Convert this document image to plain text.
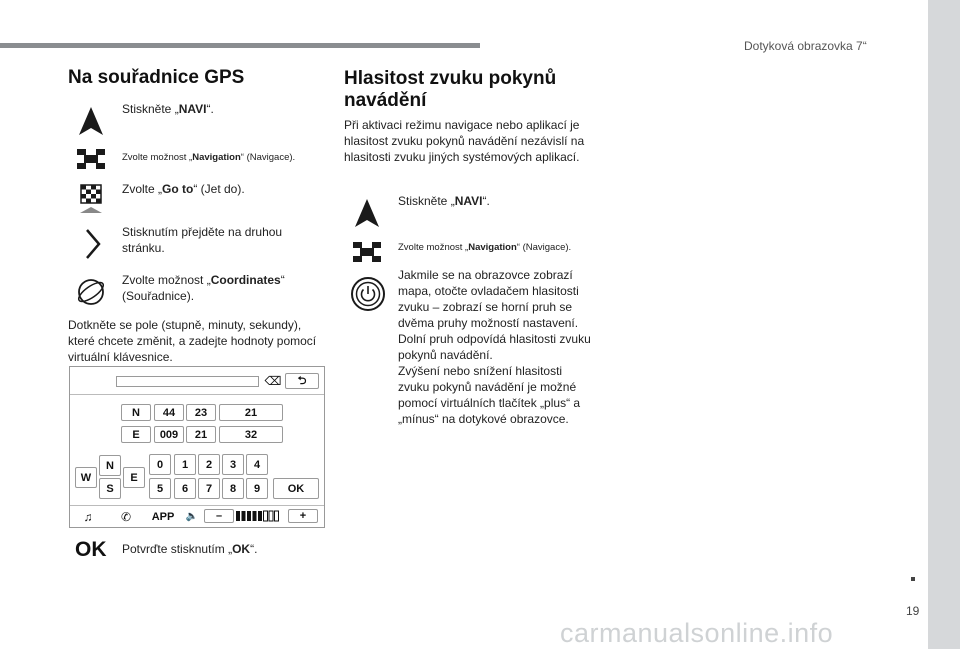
Dotyková obrazovka 7“
Na souřadnice GPS
Stiskněte „NAVI“.
Zvolte možnost „Navigation“ (Navigace).
Zvolte „Go to“ (Jet do).
Stisknutím přejděte na druhou stránku.
Zvolte možnost „Coordinates“ (Souřadnice).
Dotkněte se pole (stupně, minuty, sekundy), které chcete změnit, a zadejte hodnoty pomocí virtuální klávesnice.
⌫	⮌
N	44	23	21
E	009	21	32
N
W	E
S
0	1	2	3	4
5	6	7	8	9	OK
♫	✆	APP	🔈	–	+
OK Potvrďte stisknutím „OK“.
Hlasitost zvuku pokynů navádění
Při aktivaci režimu navigace nebo aplikací je hlasitost zvuku pokynů navádění nezávislí na hlasitosti zvuku jiných systémových aplikací.
Stiskněte „NAVI“.
Zvolte možnost „Navigation“ (Navigace).
Jakmile se na obrazovce zobrazí
mapa, otočte ovladačem hlasitosti
zvuku – zobrazí se horní pruh se
dvěma pruhy možností nastavení.
Dolní pruh odpovídá hlasitosti zvuku
pokynů navádění.
Zvýšení nebo snížení hlasitosti
zvuku pokynů navádění je možné
pomocí virtuálních tlačítek „plus“ a
„mínus“ na dotykové obrazovce.
19
carmanualsonline.info
